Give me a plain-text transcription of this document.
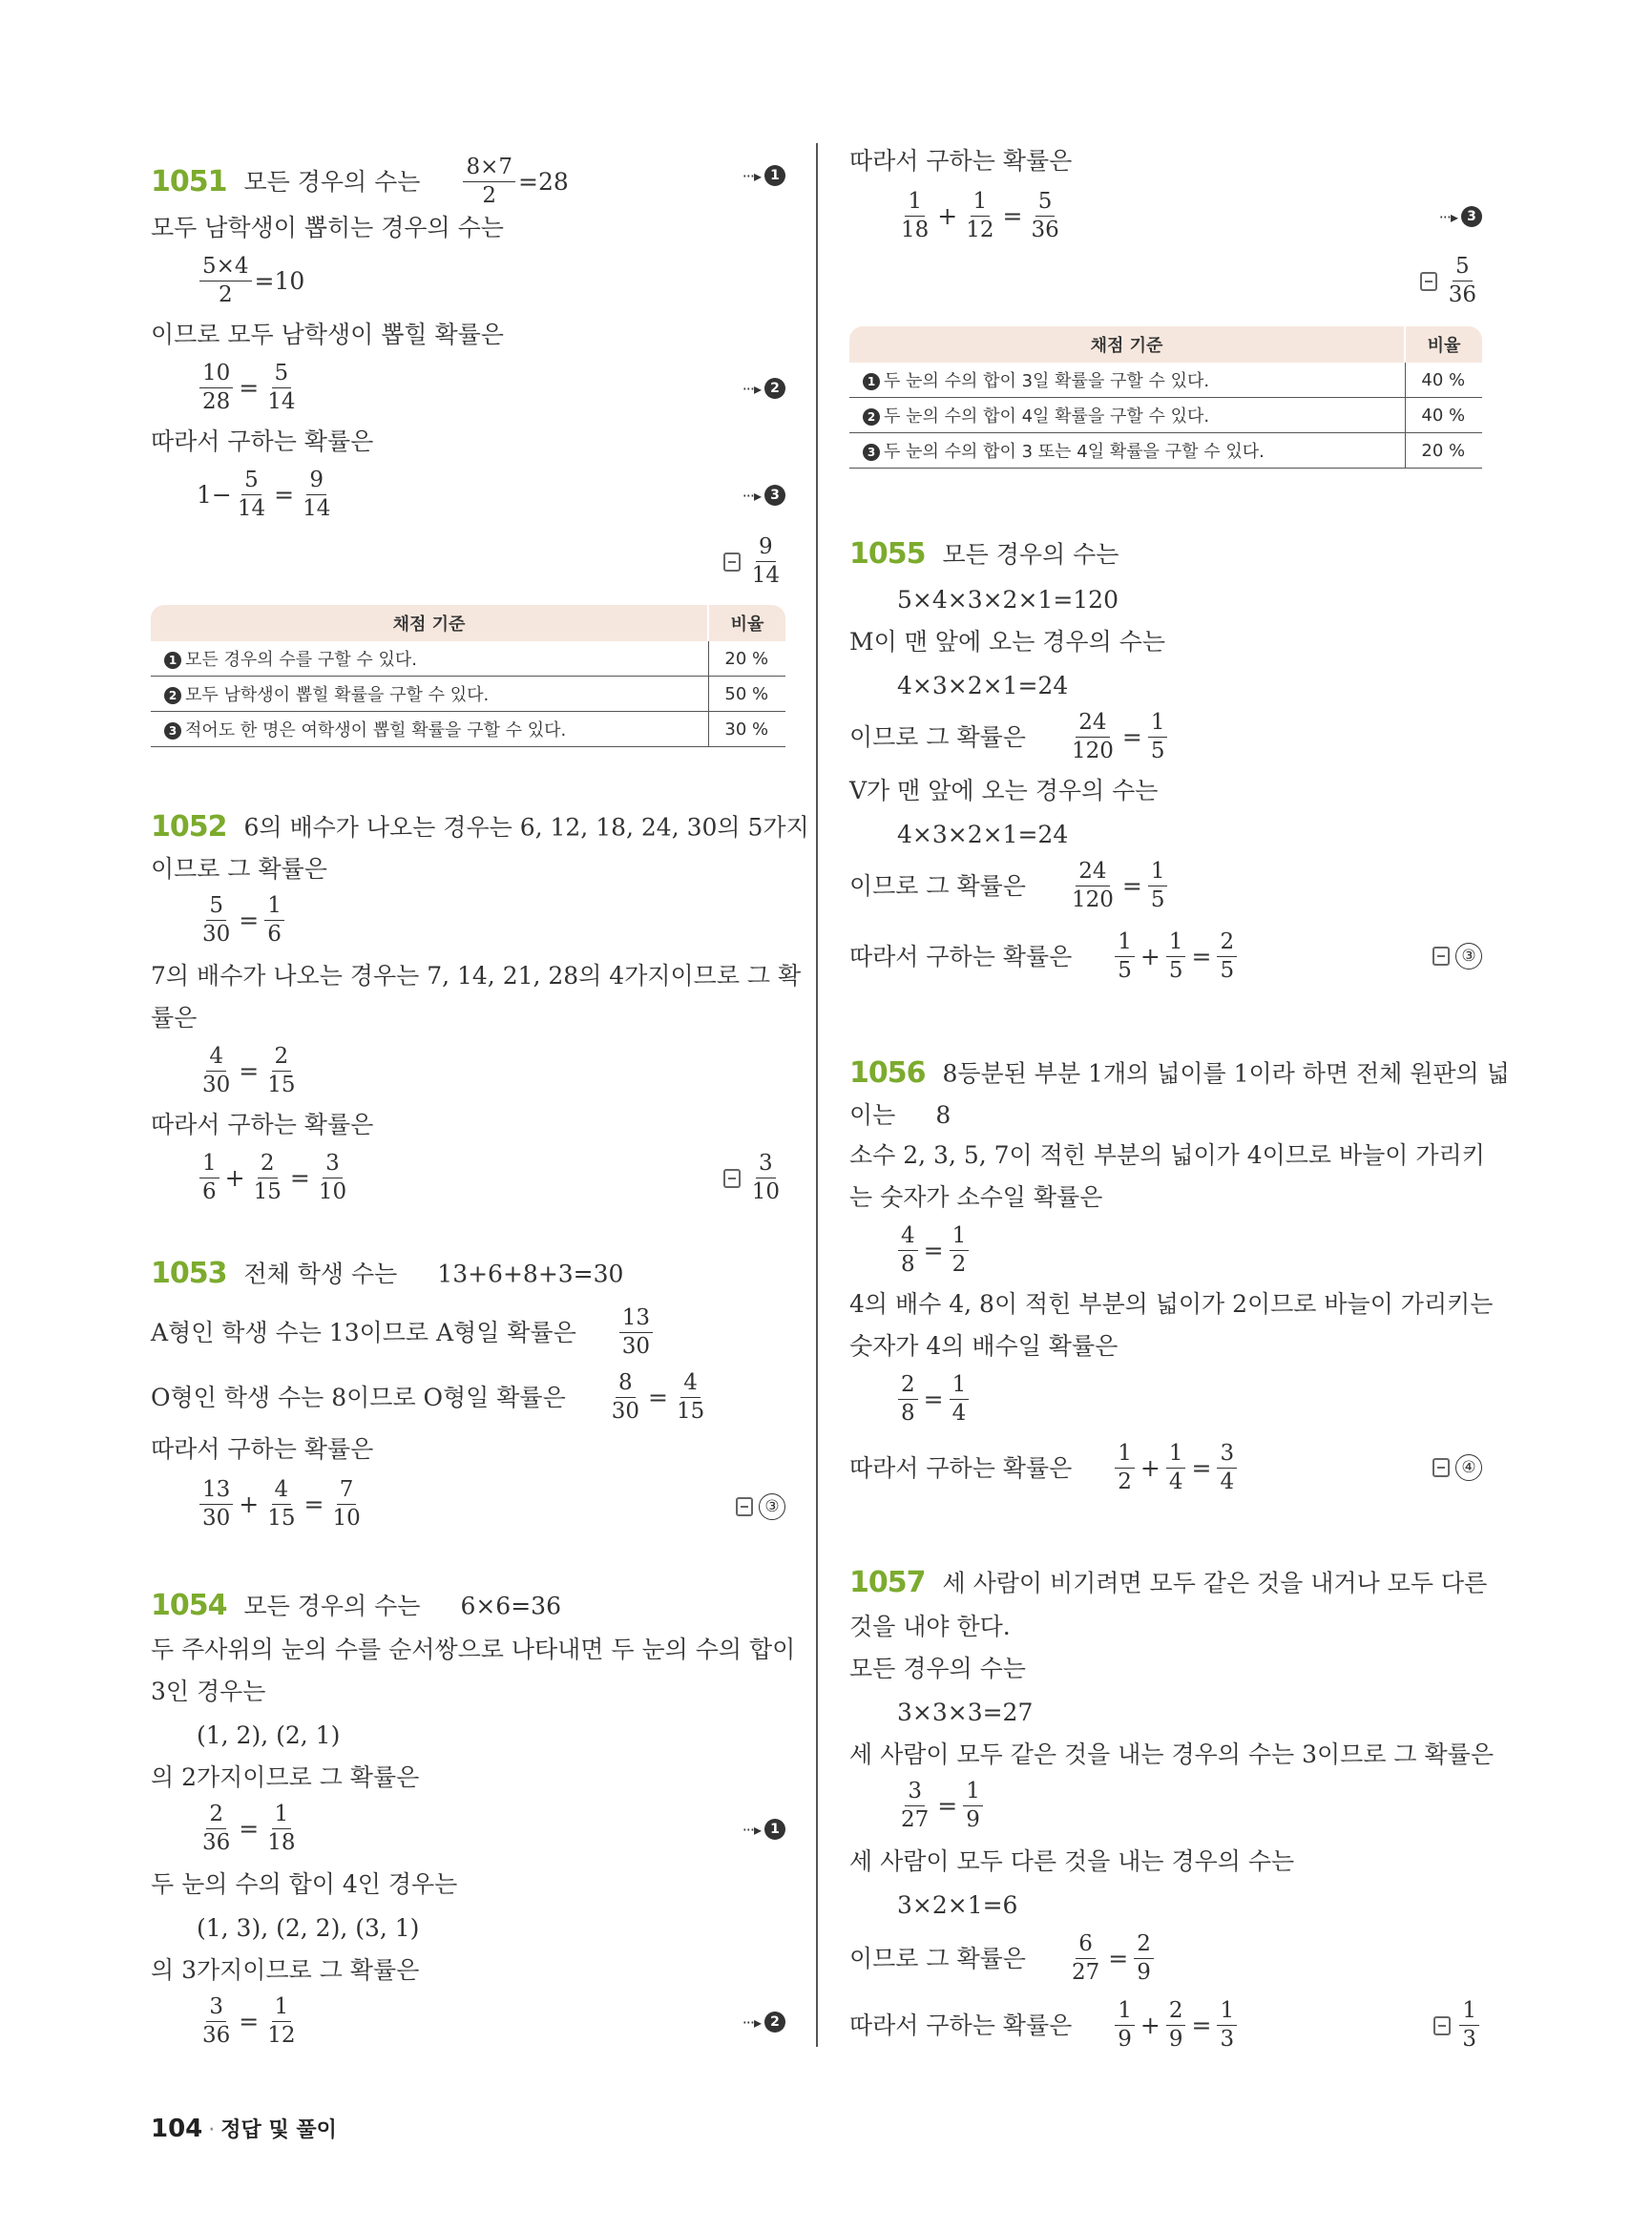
1051 모든 경우의 수는 $\frac{8\times 7}{2} =28$	···▸ 1
모두 남학생이 뽑히는 경우의 수는
$\frac{5\times 4}{2} =10$
이므로 모두 남학생이 뽑힐 확률은
$\frac{10}{28} = \frac{5}{14}$	···▸ 2
따라서 구하는 확률은
$1- \frac{5}{14} = \frac{9}{14}$	···▸ 3
$\frac{9}{14}$
채점 기준	비율
1 모든 경우의 수를 구할 수 있다.	20 %
2 모두 남학생이 뽑힐 확률을 구할 수 있다.	50 %
3 적어도 한 명은 여학생이 뽑힐 확률을 구할 수 있다.	30 %
1052 6의 배수가 나오는 경우는 6, 12, 18, 24, 30의 5가지
이므로 그 확률은
$\frac{5}{30} = \frac{1}{6}$
7의 배수가 나오는 경우는 7, 14, 21, 28의 4가지이므로 그 확
률은
$\frac{4}{30} = \frac{2}{15}$
따라서 구하는 확률은
$\frac{1}{6} + \frac{2}{15} = \frac{3}{10}$	$\frac{3}{10}$
1053 전체 학생 수는 13+6+8+3=30
A형인 학생 수는 13이므로 A형일 확률은 $\frac{13}{30}$
O형인 학생 수는 8이므로 O형일 확률은 $\frac{8}{30} = \frac{4}{15}$
따라서 구하는 확률은
$\frac{13}{30} + \frac{4}{15} = \frac{7}{10}$	③
1054 모든 경우의 수는 6×6=36
두 주사위의 눈의 수를 순서쌍으로 나타내면 두 눈의 수의 합이
3인 경우는
(1, 2), (2, 1)
의 2가지이므로 그 확률은
$\frac{2}{36} = \frac{1}{18}$	···▸ 1
두 눈의 수의 합이 4인 경우는
(1, 3), (2, 2), (3, 1)
의 3가지이므로 그 확률은
$\frac{3}{36} = \frac{1}{12}$	···▸ 2
따라서 구하는 확률은
$\frac{1}{18} + \frac{1}{12} = \frac{5}{36}$	···▸ 3
$\frac{5}{36}$
채점 기준	비율
1 두 눈의 수의 합이 3일 확률을 구할 수 있다.	40 %
2 두 눈의 수의 합이 4일 확률을 구할 수 있다.	40 %
3 두 눈의 수의 합이 3 또는 4일 확률을 구할 수 있다.	20 %
1055 모든 경우의 수는
5×4×3×2×1=120
M이 맨 앞에 오는 경우의 수는
4×3×2×1=24
이므로 그 확률은 $\frac{24}{120} = \frac{1}{5}$
V가 맨 앞에 오는 경우의 수는
4×3×2×1=24
이므로 그 확률은 $\frac{24}{120} = \frac{1}{5}$
따라서 구하는 확률은 $\frac{1}{5} + \frac{1}{5} = \frac{2}{5}$	③
1056 8등분된 부분 1개의 넓이를 1이라 하면 전체 원판의 넓
이는 8
소수 2, 3, 5, 7이 적힌 부분의 넓이가 4이므로 바늘이 가리키
는 숫자가 소수일 확률은
$\frac{4}{8} = \frac{1}{2}$
4의 배수 4, 8이 적힌 부분의 넓이가 2이므로 바늘이 가리키는
숫자가 4의 배수일 확률은
$\frac{2}{8} = \frac{1}{4}$
따라서 구하는 확률은 $\frac{1}{2} + \frac{1}{4} = \frac{3}{4}$	④
1057 세 사람이 비기려면 모두 같은 것을 내거나 모두 다른
것을 내야 한다.
모든 경우의 수는
3×3×3=27
세 사람이 모두 같은 것을 내는 경우의 수는 3이므로 그 확률은
$\frac{3}{27} = \frac{1}{9}$
세 사람이 모두 다른 것을 내는 경우의 수는
3×2×1=6
이므로 그 확률은 $\frac{6}{27} = \frac{2}{9}$
따라서 구하는 확률은 $\frac{1}{9} + \frac{2}{9} = \frac{1}{3}$	$\frac{1}{3}$
104 · 정답 및 풀이
